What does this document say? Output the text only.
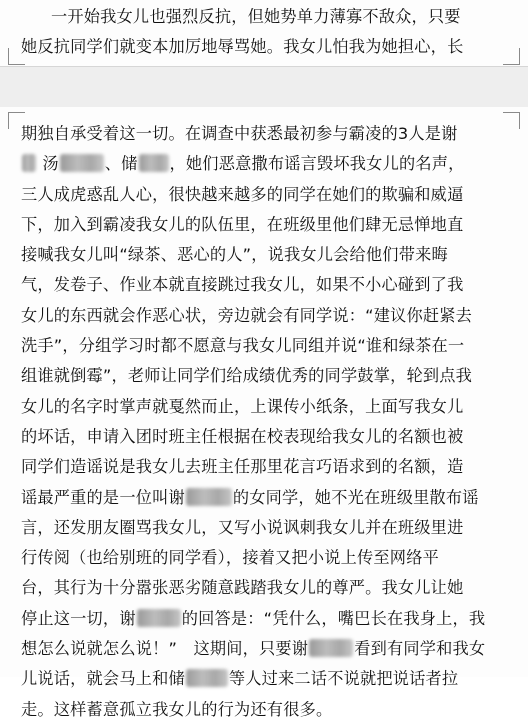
一开始我女儿也强烈反抗，但她势单力薄寡不敌众，只要
她反抗同学们就变本加厉地辱骂她。我女儿怕我为她担心，长
期独自承受着这一切。在调查中获悉最初参与霸凌的3人是谢
汤	、储 ，她们恶意撒布谣言毁坏我女儿的名声，
三人成虎惑乱人心，很快越来越多的同学在她们的欺骗和威逼
下，加入到霸凌我女儿的队伍里，在班级里他们肆无忌惮地直
接喊我女儿叫“绿茶、恶心的人”，说我女儿会给他们带来晦
气，发卷子、作业本就直接跳过我女儿，如果不小心碰到了我
女儿的东西就会作恶心状，旁边就会有同学说：“建议你赶紧去
洗手”，分组学习时都不愿意与我女儿同组并说“谁和绿茶在一
组谁就倒霉”，老师让同学们给成绩优秀的同学鼓掌，轮到点我
女儿的名字时掌声就戛然而止，上课传小纸条，上面写我女儿
的坏话，申请入团时班主任根据在校表现给我女儿的名额也被
同学们造谣说是我女儿去班主任那里花言巧语求到的名额，造
谣最严重的是一位叫谢	的女同学，她不光在班级里散布谣
言，还发朋友圈骂我女儿，又写小说讽刺我女儿并在班级里进
行传阅（也给别班的同学看），接着又把小说上传至网络平
台，其行为十分嚣张恶劣随意践踏我女儿的尊严。我女儿让她
停止这一切，谢	的回答是：“凭什么，嘴巴长在我身上，我
想怎么说就怎么说！”　这期间，只要谢	看到有同学和我女
儿说话，就会马上和储	等人过来二话不说就把说话者拉
走。这样蓄意孤立我女儿的行为还有很多。
